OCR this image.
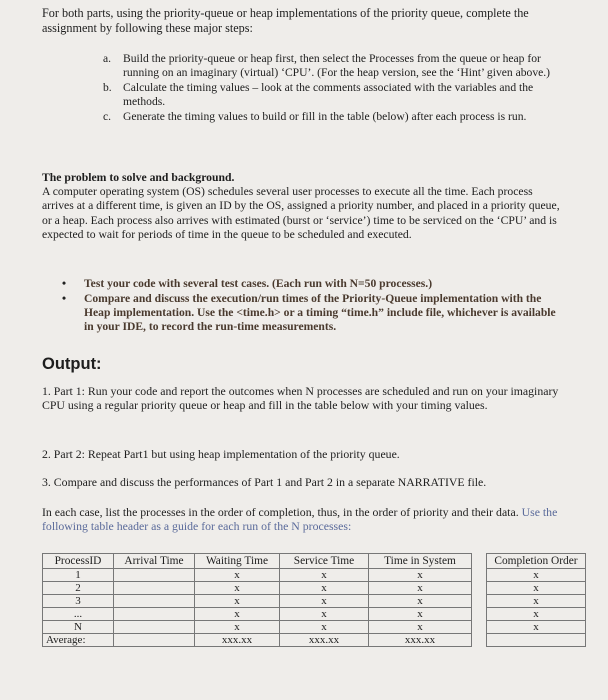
For both parts, using the priority-queue or heap implementations of the priority queue, complete the assignment by following these major steps:
a. Build the priority-queue or heap first, then select the Processes from the queue or heap for running on an imaginary (virtual) ‘CPU’. (For the heap version, see the ‘Hint’ given above.)
b. Calculate the timing values – look at the comments associated with the variables and the methods.
c. Generate the timing values to build or fill in the table (below) after each process is run.
The problem to solve and background.
A computer operating system (OS) schedules several user processes to execute all the time. Each process arrives at a different time, is given an ID by the OS, assigned a priority number, and placed in a priority queue, or a heap. Each process also arrives with estimated (burst or ‘service’) time to be serviced on the ‘CPU’ and is expected to wait for periods of time in the queue to be scheduled and executed.
• Test your code with several test cases. (Each run with N=50 processes.)
• Compare and discuss the execution/run times of the Priority-Queue implementation with the Heap implementation. Use the <time.h> or a timing “time.h” include file, whichever is available in your IDE, to record the run-time measurements.
Output:
1. Part 1: Run your code and report the outcomes when N processes are scheduled and run on your imaginary CPU using a regular priority queue or heap and fill in the table below with your timing values.
2. Part 2: Repeat Part1 but using heap implementation of the priority queue.
3. Compare and discuss the performances of Part 1 and Part 2 in a separate NARRATIVE file.
In each case, list the processes in the order of completion, thus, in the order of priority and their data. Use the following table header as a guide for each run of the N processes:
ProcessID	Arrival Time	Waiting Time	Service Time	Time in System		Completion Order
1		x	x	x		x
2		x	x	x		x
3		x	x	x		x
...		x	x	x		x
N		x	x	x		x
Average:		xxx.xx	xxx.xx	xxx.xx		
